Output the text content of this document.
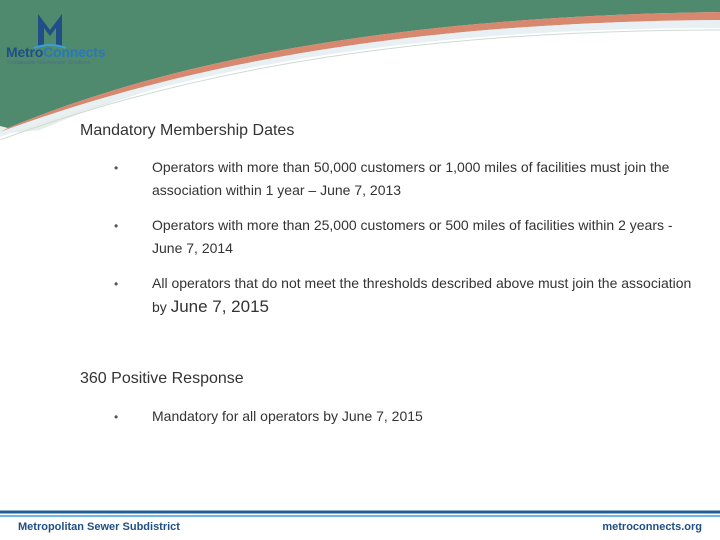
MetroConnects
Sustainable Wastewater Solutions
Mandatory Membership Dates
• Operators with more than 50,000 customers or 1,000 miles of facilities must join the association within 1 year – June 7, 2013
• Operators with more than 25,000 customers or 500 miles of facilities within 2 years - June 7, 2014
• All operators that do not meet the thresholds described above must join the association by June 7, 2015
360 Positive Response
• Mandatory for all operators by June 7, 2015
Metropolitan Sewer Subdistrict	metroconnects.org
